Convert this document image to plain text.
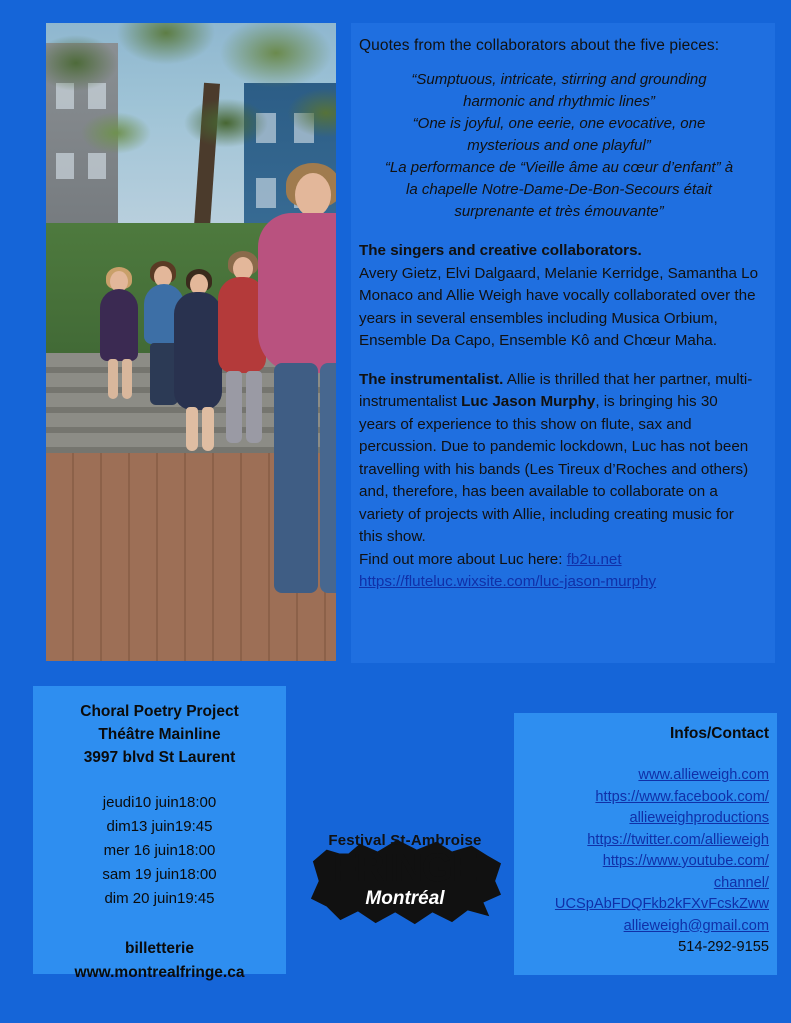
Quotes from the collaborators about the five pieces:

“Sumptuous, intricate, stirring and grounding

harmonic and rhythmic lines”

“One is joyful, one eerie, one evocative, one

mysterious and one playful”

“La performance de “Vieille âme au cœur d’enfant” à

la chapelle Notre-Dame-De-Bon-Secours était

surprenante et très émouvante”

The singers and creative collaborators.
Avery Gietz, Elvi Dalgaard, Melanie Kerridge, Samantha Lo Monaco and Allie Weigh have vocally collaborated over the years in several ensembles including Musica Orbium, Ensemble Da Capo, Ensemble Kô and Chœur Maha.

The instrumentalist. Allie is thrilled that her partner, multi-instrumentalist Luc Jason Murphy, is bringing his 30 years of experience to this show on flute, sax and percussion. Due to pandemic lockdown, Luc has not been travelling with his bands (Les Tireux d’Roches and others) and, therefore, has been available to collaborate on a variety of projects with Allie, including creating music for this show.
Find out more about Luc here: fb2u.net

https://fluteluc.wixsite.com/luc-jason-murphy

Choral Poetry Project
Théâtre Mainline
3997 blvd St Laurent
jeudi10 juin18:00
dim13 juin19:45
mer 16 juin18:00
sam 19 juin18:00
dim 20 juin19:45
billetterie
www.montrealfringe.ca
Festival St-Ambroise
FRINGE
Montréal
Infos/Contact
www.allieweigh.com
https://www.facebook.com/
allieweighproductions
https://twitter.com/allieweigh
https://www.youtube.com/
channel/
UCSpAbFDQFkb2kFXvFcskZww
allieweigh@gmail.com
514-292-9155
